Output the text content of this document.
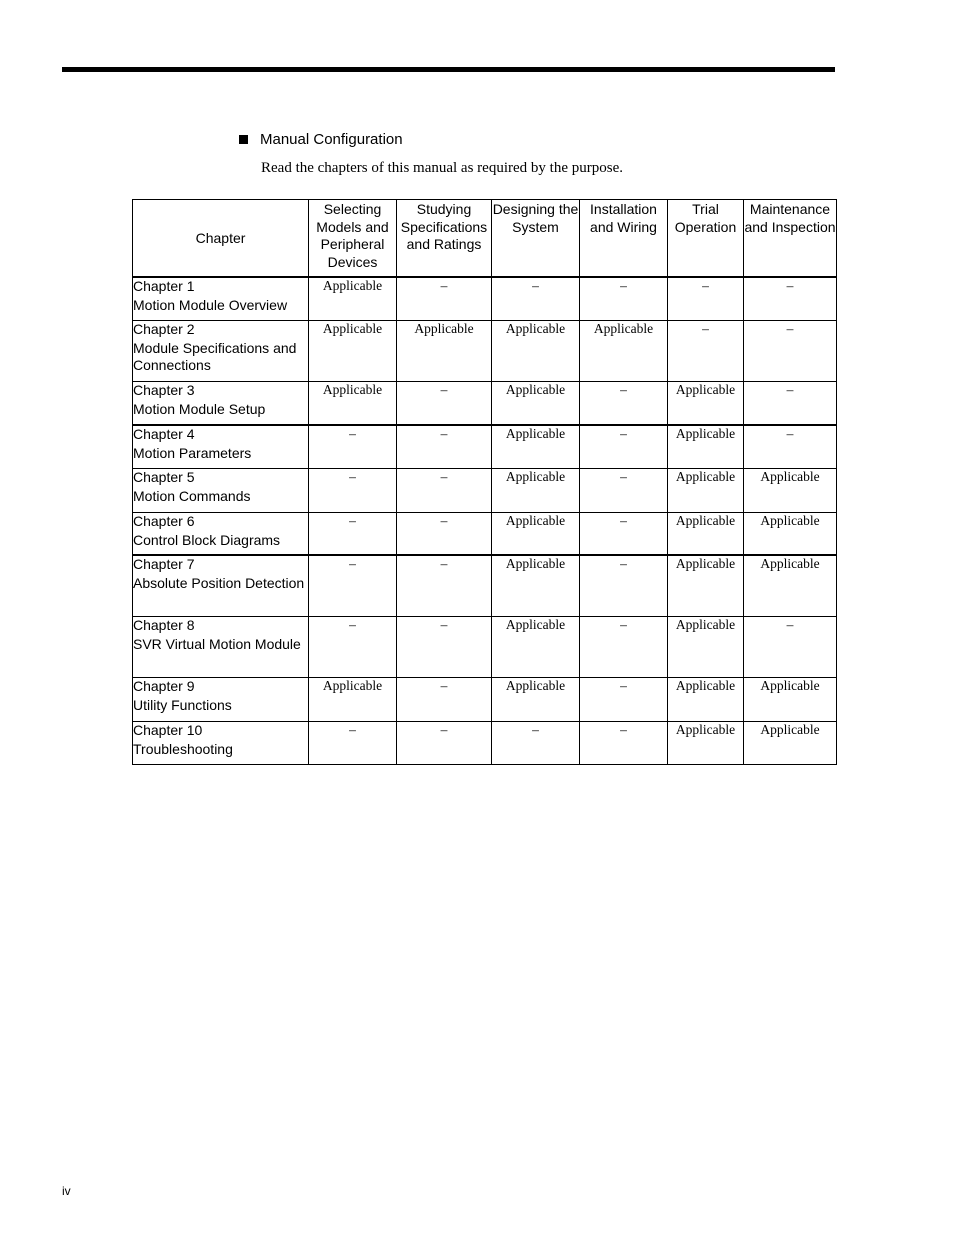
Manual Configuration
Read the chapters of this manual as required by the purpose.
Chapter	Selecting Models and Peripheral Devices	Studying Specifications and Ratings	Designing the System	Installation and Wiring	Trial Operation	Maintenance and Inspection

Chapter 1
Motion Module Overview	Applicable	–	–	–	–	–

Chapter 2
Module Specifications and Connections	Applicable	Applicable	Applicable	Applicable	–	–

Chapter 3
Motion Module Setup	Applicable	–	Applicable	–	Applicable	–

Chapter 4
Motion Parameters	–	–	Applicable	–	Applicable	–

Chapter 5
Motion Commands	–	–	Applicable	–	Applicable	Applicable

Chapter 6
Control Block Diagrams	–	–	Applicable	–	Applicable	Applicable

Chapter 7
Absolute Position Detection	–	–	Applicable	–	Applicable	Applicable

Chapter 8
SVR Virtual Motion Module	–	–	Applicable	–	Applicable	–

Chapter 9
Utility Functions	Applicable	–	Applicable	–	Applicable	Applicable

Chapter 10
Troubleshooting	–	–	–	–	Applicable	Applicable
iv
